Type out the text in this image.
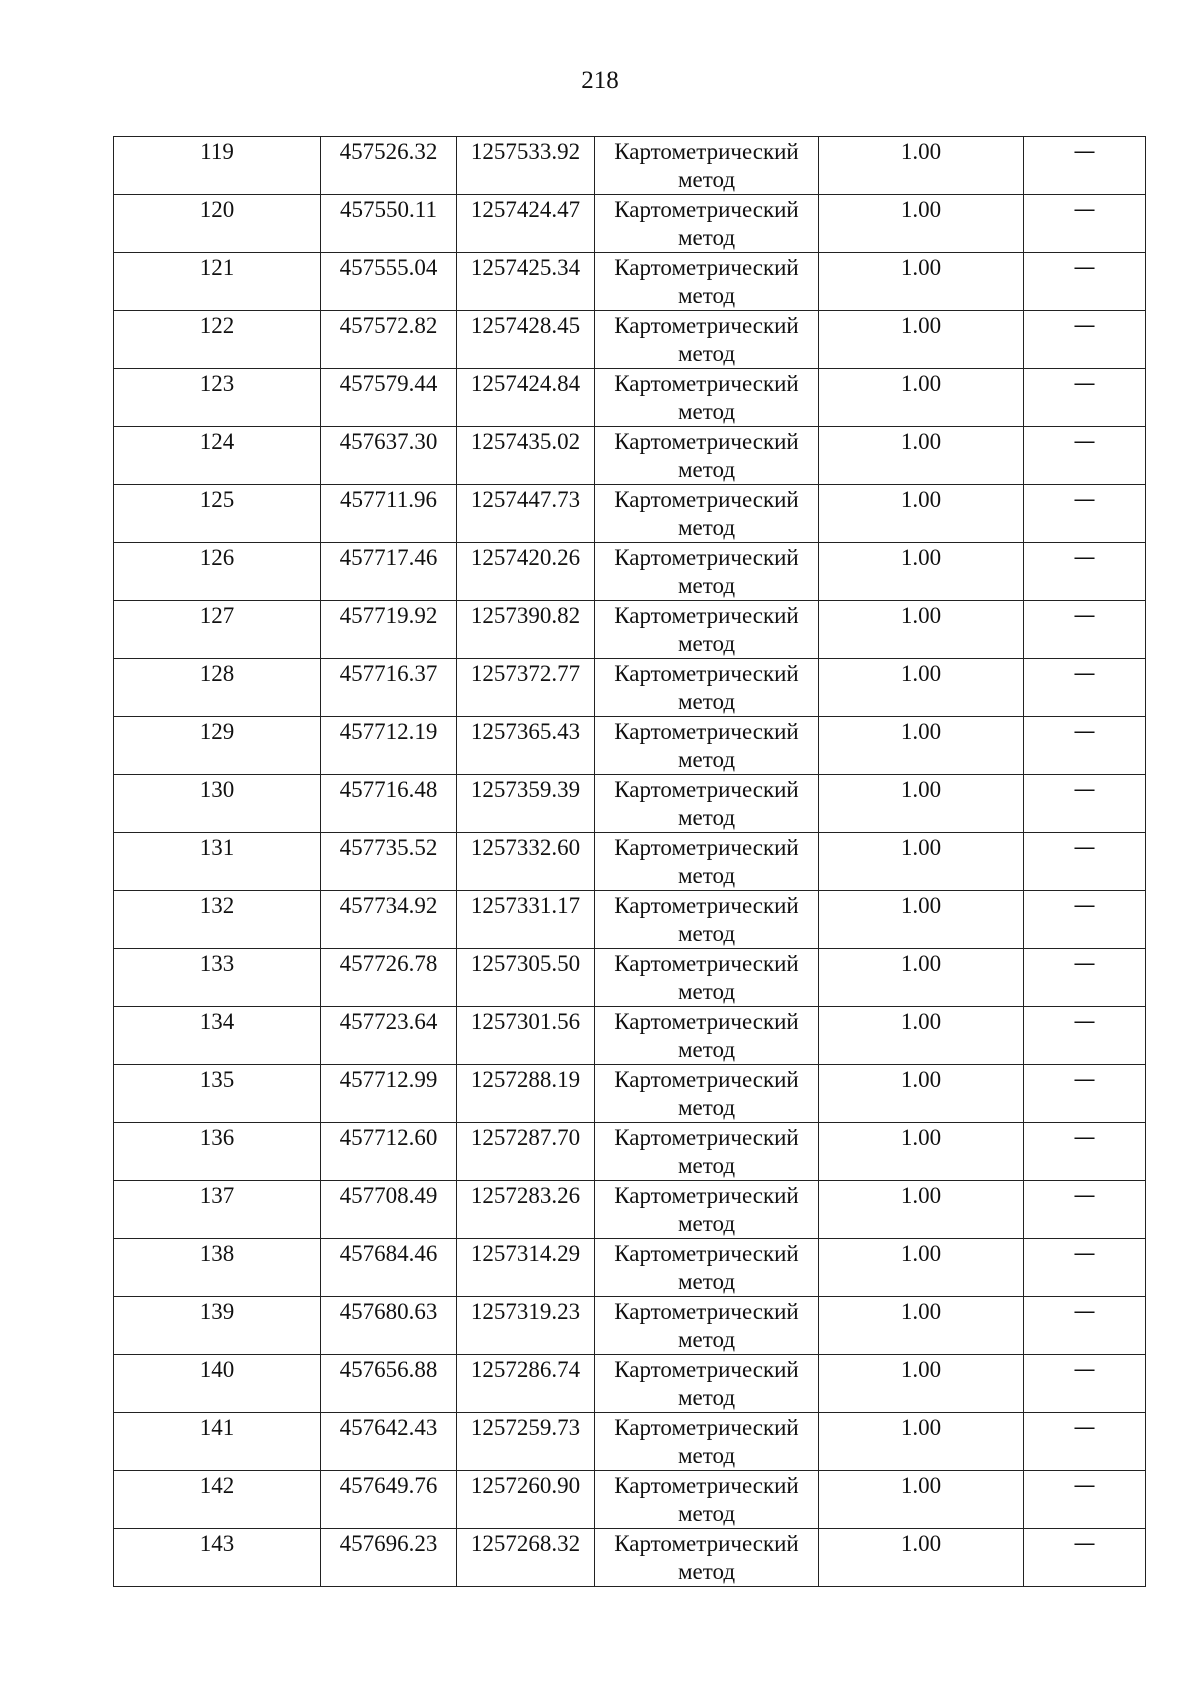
218
119	457526.32	1257533.92	Картометрический метод	1.00	—

120	457550.11	1257424.47	Картометрический метод	1.00	—

121	457555.04	1257425.34	Картометрический метод	1.00	—

122	457572.82	1257428.45	Картометрический метод	1.00	—

123	457579.44	1257424.84	Картометрический метод	1.00	—

124	457637.30	1257435.02	Картометрический метод	1.00	—

125	457711.96	1257447.73	Картометрический метод	1.00	—

126	457717.46	1257420.26	Картометрический метод	1.00	—

127	457719.92	1257390.82	Картометрический метод	1.00	—

128	457716.37	1257372.77	Картометрический метод	1.00	—

129	457712.19	1257365.43	Картометрический метод	1.00	—

130	457716.48	1257359.39	Картометрический метод	1.00	—

131	457735.52	1257332.60	Картометрический метод	1.00	—

132	457734.92	1257331.17	Картометрический метод	1.00	—

133	457726.78	1257305.50	Картометрический метод	1.00	—

134	457723.64	1257301.56	Картометрический метод	1.00	—

135	457712.99	1257288.19	Картометрический метод	1.00	—

136	457712.60	1257287.70	Картометрический метод	1.00	—

137	457708.49	1257283.26	Картометрический метод	1.00	—

138	457684.46	1257314.29	Картометрический метод	1.00	—

139	457680.63	1257319.23	Картометрический метод	1.00	—

140	457656.88	1257286.74	Картометрический метод	1.00	—

141	457642.43	1257259.73	Картометрический метод	1.00	—

142	457649.76	1257260.90	Картометрический метод	1.00	—

143	457696.23	1257268.32	Картометрический метод	1.00	—
